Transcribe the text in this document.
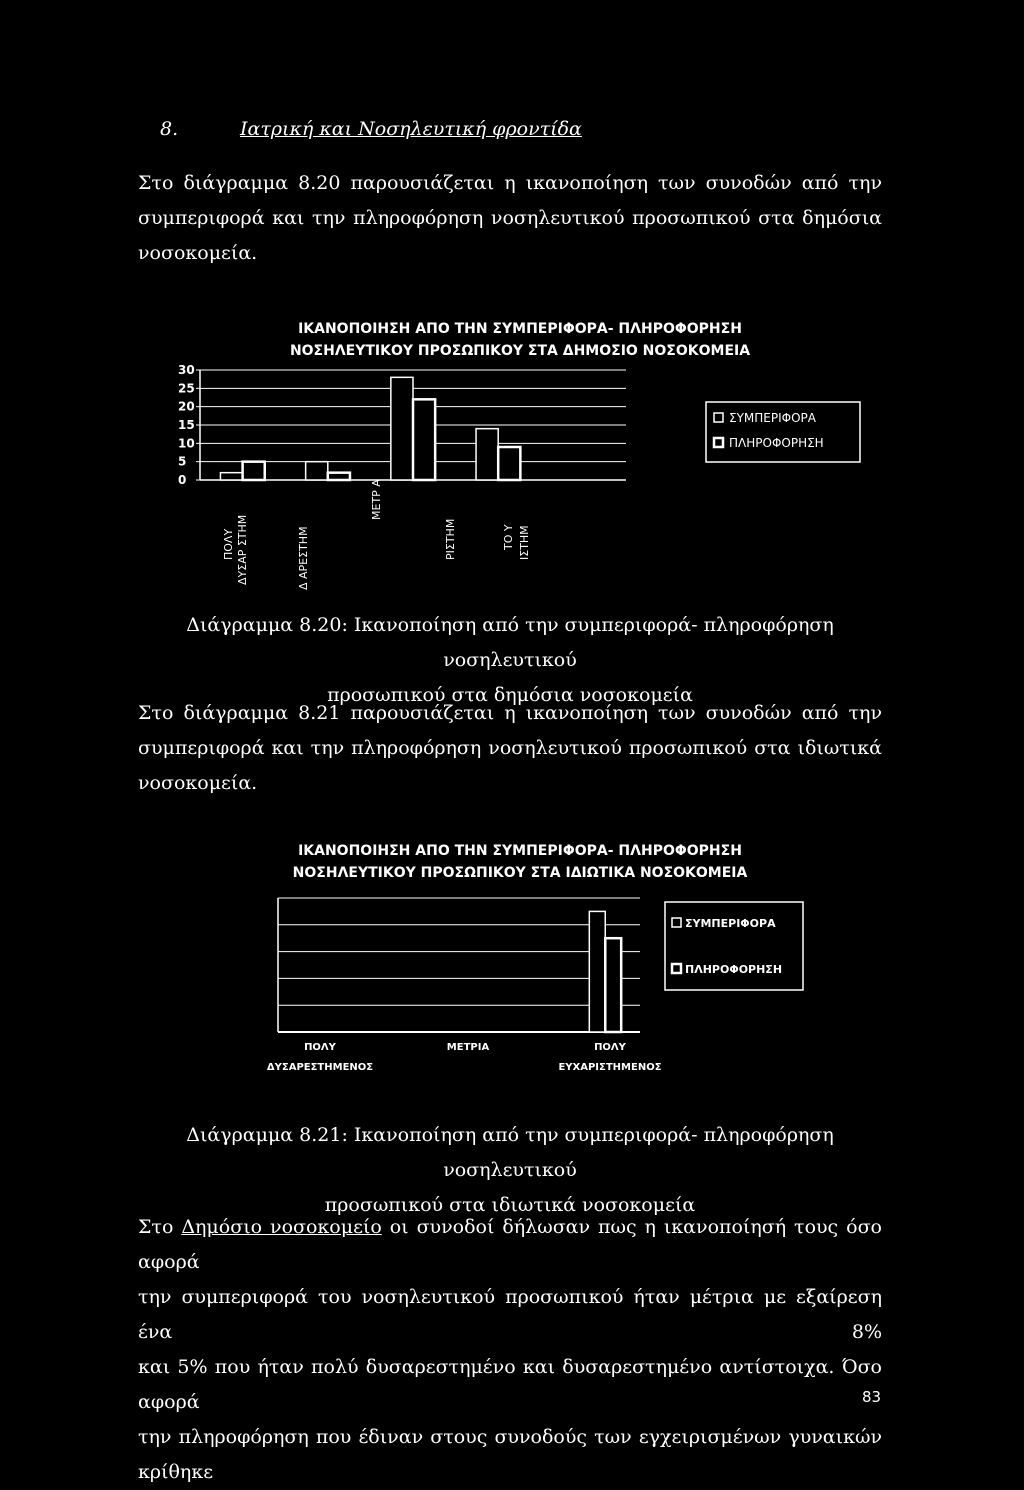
8.	Ιατρική και Νοσηλευτική φροντίδα
Στο διάγραμμα 8.20 παρουσιάζεται η ικανοποίηση των συνοδών από την
συμπεριφορά και την πληροφόρηση νοσηλευτικού προσωπικού στα δημόσια
νοσοκομεία.
ΙΚΑΝΟΠΟΙΗΣΗ ΑΠΟ ΤΗΝ ΣΥΜΠΕΡΙΦΟΡΑ- ΠΛΗΡΟΦΟΡΗΣΗ
ΝΟΣΗΛΕΥΤΙΚΟΥ ΠΡΟΣΩΠΙΚΟΥ ΣΤΑ ΔΗΜΟΣΙΟ ΝΟΣΟΚΟΜΕΙΑ
0
5
10
15
20
25
30
ΠΟΛΥ ΔΥΣΑΡ ΣΤΗΜ	Δ ΑΡΕΣΤΗΜ
ΜΕΤΡ Α
ΡΙΣΤΗΜ	ΤΟ Υ ΙΣΤΗΜ
ΣΥΜΠΕΡΙΦΟΡΑ
ΠΛΗΡΟΦΟΡΗΣΗ
Διάγραμμα 8.20: Ικανοποίηση από την συμπεριφορά- πληροφόρηση νοσηλευτικού
προσωπικού στα δημόσια νοσοκομεία
Στο διάγραμμα 8.21 παρουσιάζεται η ικανοποίηση των συνοδών από την
συμπεριφορά και την πληροφόρηση νοσηλευτικού προσωπικού στα ιδιωτικά
νοσοκομεία.
ΙΚΑΝΟΠΟΙΗΣΗ ΑΠΟ ΤΗΝ ΣΥΜΠΕΡΙΦΟΡΑ- ΠΛΗΡΟΦΟΡΗΣΗ
ΝΟΣΗΛΕΥΤΙΚΟΥ ΠΡΟΣΩΠΙΚΟΥ ΣΤΑ ΙΔΙΩΤΙΚΑ ΝΟΣΟΚΟΜΕΙΑ
ΣΥΜΠΕΡΙΦΟΡΑ
ΠΛΗΡΟΦΟΡΗΣΗ
ΠΟΛΥ
ΔΥΣΑΡΕΣΤΗΜΕΝΟΣ
ΜΕΤΡΙΑ	ΠΟΛΥ
ΕΥΧΑΡΙΣΤΗΜΕΝΟΣ
Διάγραμμα 8.21: Ικανοποίηση από την συμπεριφορά- πληροφόρηση νοσηλευτικού
προσωπικού στα ιδιωτικά νοσοκομεία
Στο Δημόσιο νοσοκομείο οι συνοδοί δήλωσαν πως η ικανοποίησή τους όσο αφορά
την συμπεριφορά του νοσηλευτικού προσωπικού ήταν μέτρια με εξαίρεση ένα 8%
και 5% που ήταν πολύ δυσαρεστημένο και δυσαρεστημένο αντίστοιχα. Όσο αφορά
την πληροφόρηση που έδιναν στους συνοδούς των εγχειρισμένων γυναικών κρίθηκε
83
